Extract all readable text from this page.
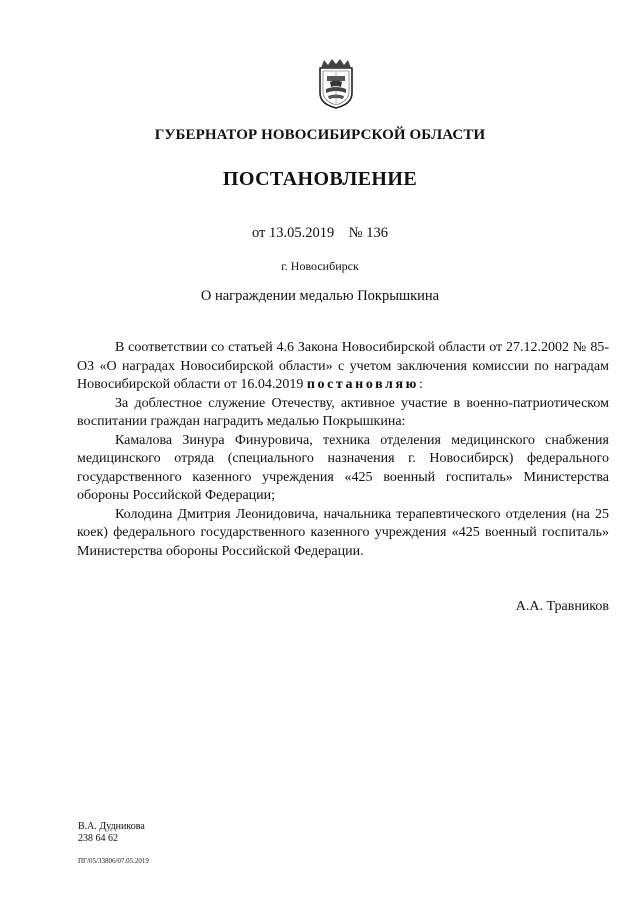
ГУБЕРНАТОР НОВОСИБИРСКОЙ ОБЛАСТИ
ПОСТАНОВЛЕНИЕ
от 13.05.2019 № 136
г. Новосибирск
О награждении медалью Покрышкина

В соответствии со статьей 4.6 Закона Новосибирской области от 27.12.2002 № 85-ОЗ «О наградах Новосибирской области» с учетом заключения комиссии по наградам Новосибирской области от 16.04.2019 постановляю:

За доблестное служение Отечеству, активное участие в военно-патриотическом воспитании граждан наградить медалью Покрышкина:

Камалова Зинура Финуровича, техника отделения медицинского снабжения медицинского отряда (специального назначения г. Новосибирск) федерального государственного казенного учреждения «425 военный госпиталь» Министерства обороны Российской Федерации;

Колодина Дмитрия Леонидовича, начальника терапевтического отделения (на 25 коек) федерального государственного казенного учреждения «425 военный госпиталь» Министерства обороны Российской Федерации.

А.А. Травников
В.А. Дудникова
238 64 62
ПГ/05/33806/07.05.2019
